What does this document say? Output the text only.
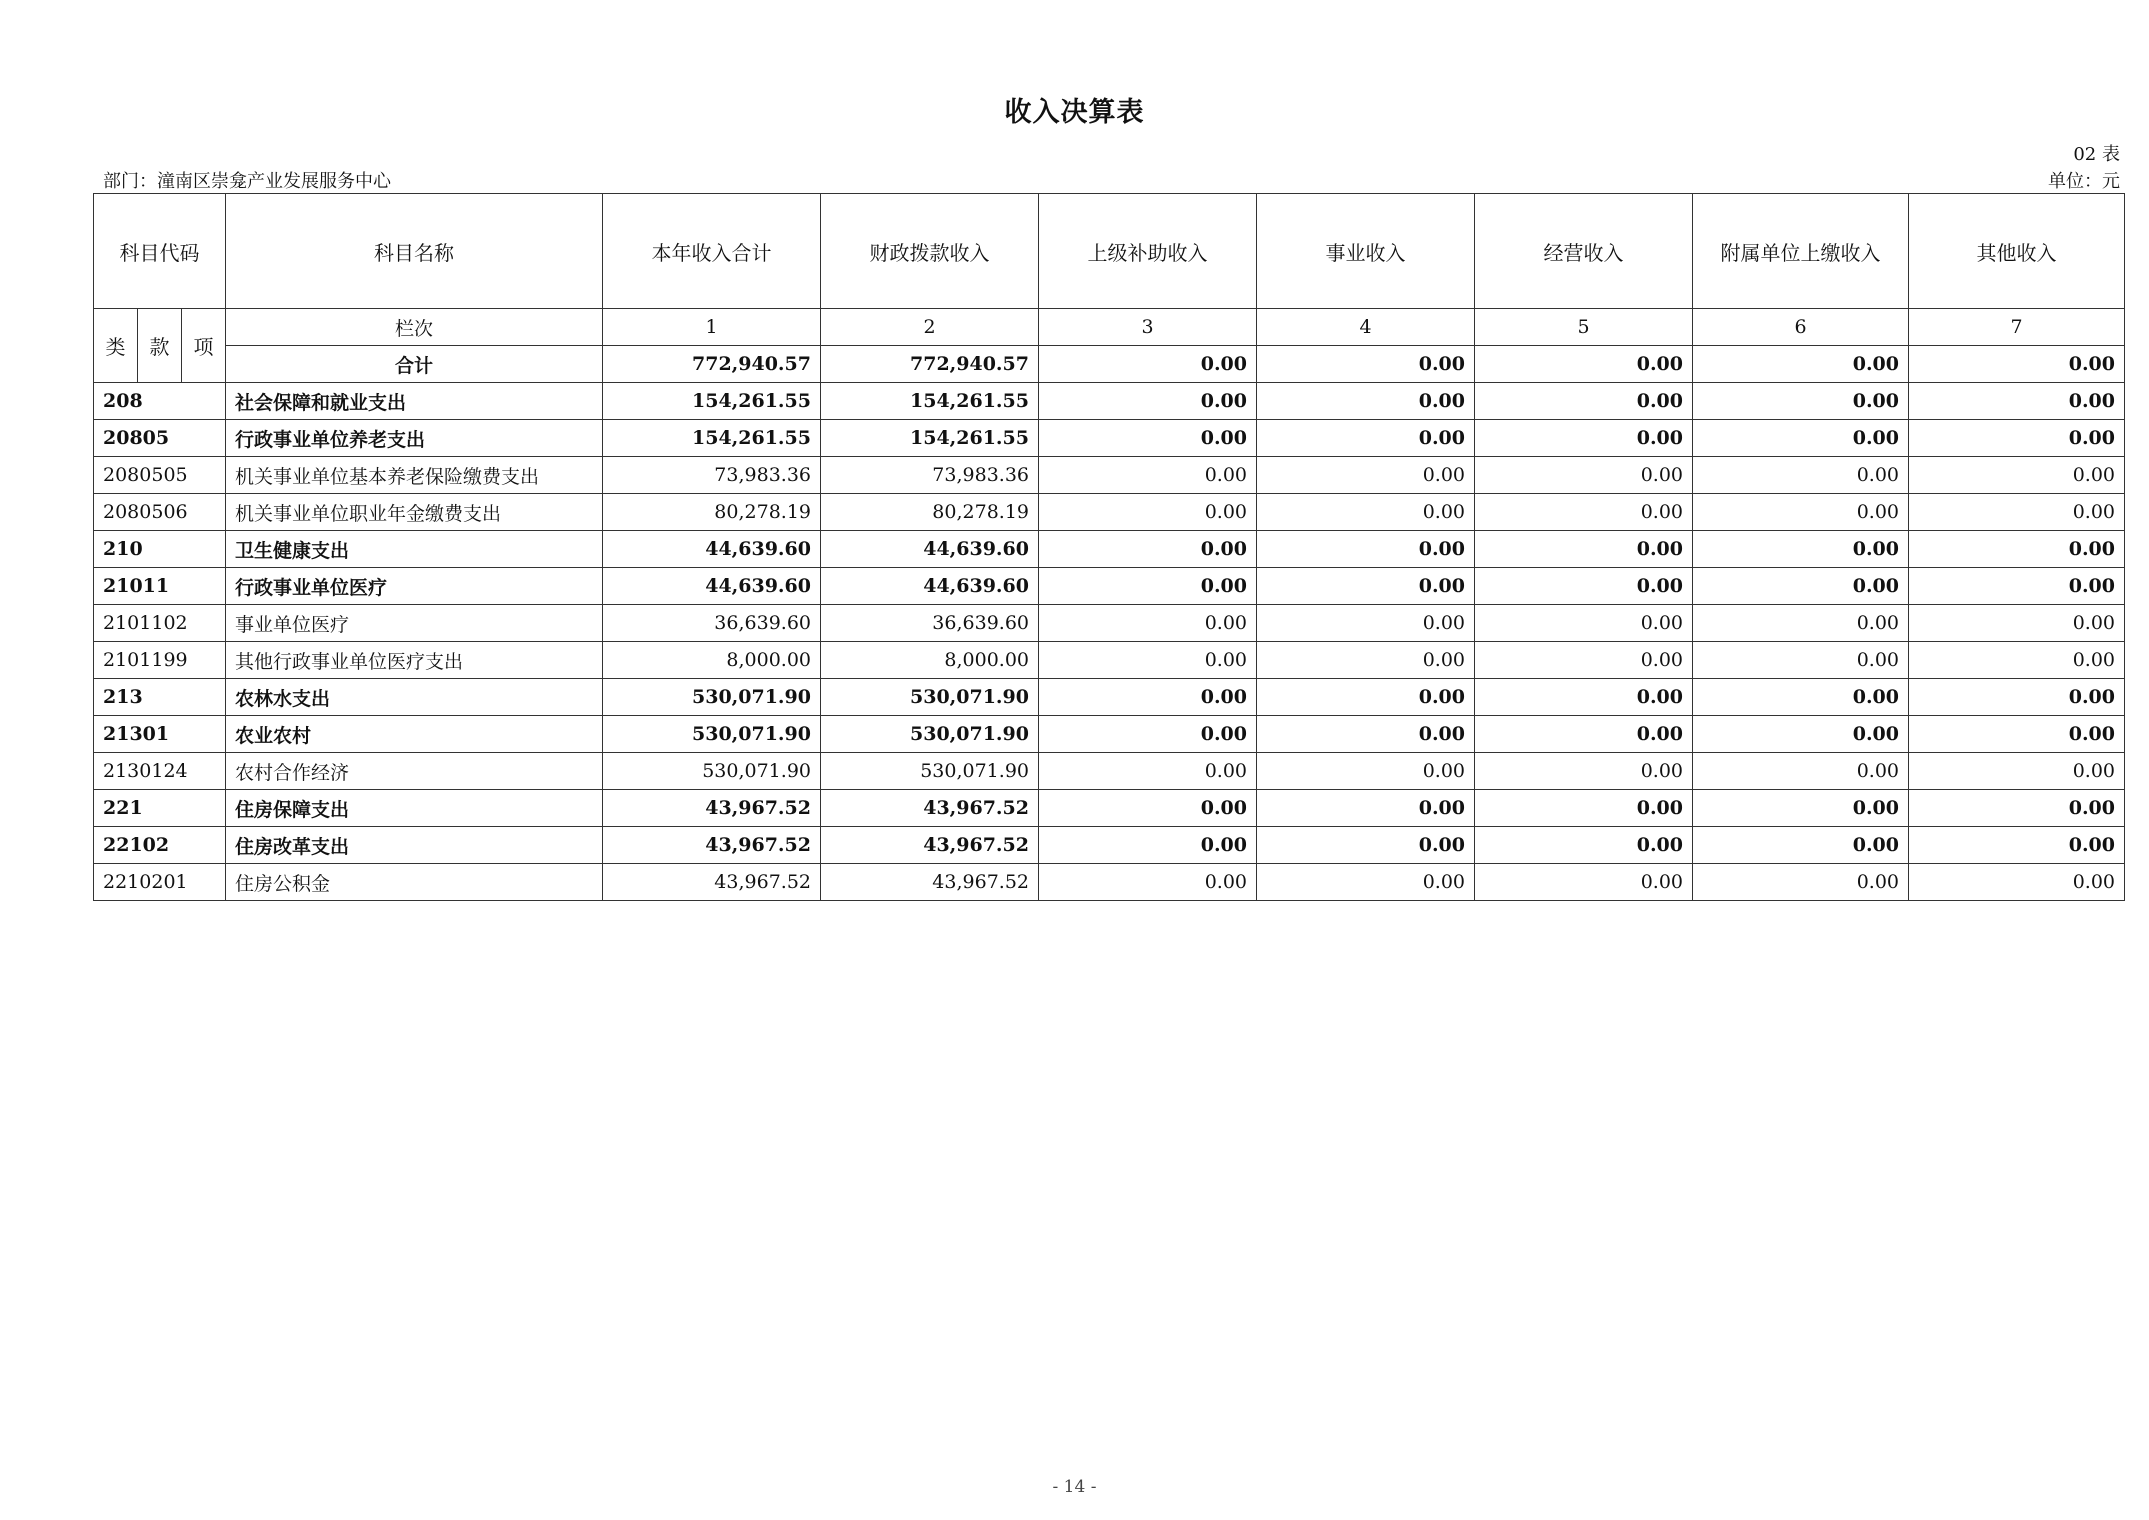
收入决算表
02 表
部门：潼南区崇龛产业发展服务中心	单位：元
科目代码			科目名称	本年收入合计	财政拨款收入	上级补助收入	事业收入	经营收入	附属单位上缴收入	其他收入
类	款	项	栏次	1	2	3	4	5	6	7
			合计	772,940.57	772,940.57	0.00	0.00	0.00	0.00	0.00
208			社会保障和就业支出	154,261.55	154,261.55	0.00	0.00	0.00	0.00	0.00
20805			行政事业单位养老支出	154,261.55	154,261.55	0.00	0.00	0.00	0.00	0.00
2080505			机关事业单位基本养老保险缴费支出	73,983.36	73,983.36	0.00	0.00	0.00	0.00	0.00
2080506			机关事业单位职业年金缴费支出	80,278.19	80,278.19	0.00	0.00	0.00	0.00	0.00
210			卫生健康支出	44,639.60	44,639.60	0.00	0.00	0.00	0.00	0.00
21011			行政事业单位医疗	44,639.60	44,639.60	0.00	0.00	0.00	0.00	0.00
2101102			事业单位医疗	36,639.60	36,639.60	0.00	0.00	0.00	0.00	0.00
2101199			其他行政事业单位医疗支出	8,000.00	8,000.00	0.00	0.00	0.00	0.00	0.00
213			农林水支出	530,071.90	530,071.90	0.00	0.00	0.00	0.00	0.00
21301			农业农村	530,071.90	530,071.90	0.00	0.00	0.00	0.00	0.00
2130124			农村合作经济	530,071.90	530,071.90	0.00	0.00	0.00	0.00	0.00
221			住房保障支出	43,967.52	43,967.52	0.00	0.00	0.00	0.00	0.00
22102			住房改革支出	43,967.52	43,967.52	0.00	0.00	0.00	0.00	0.00
2210201			住房公积金	43,967.52	43,967.52	0.00	0.00	0.00	0.00	0.00
- 14 -
